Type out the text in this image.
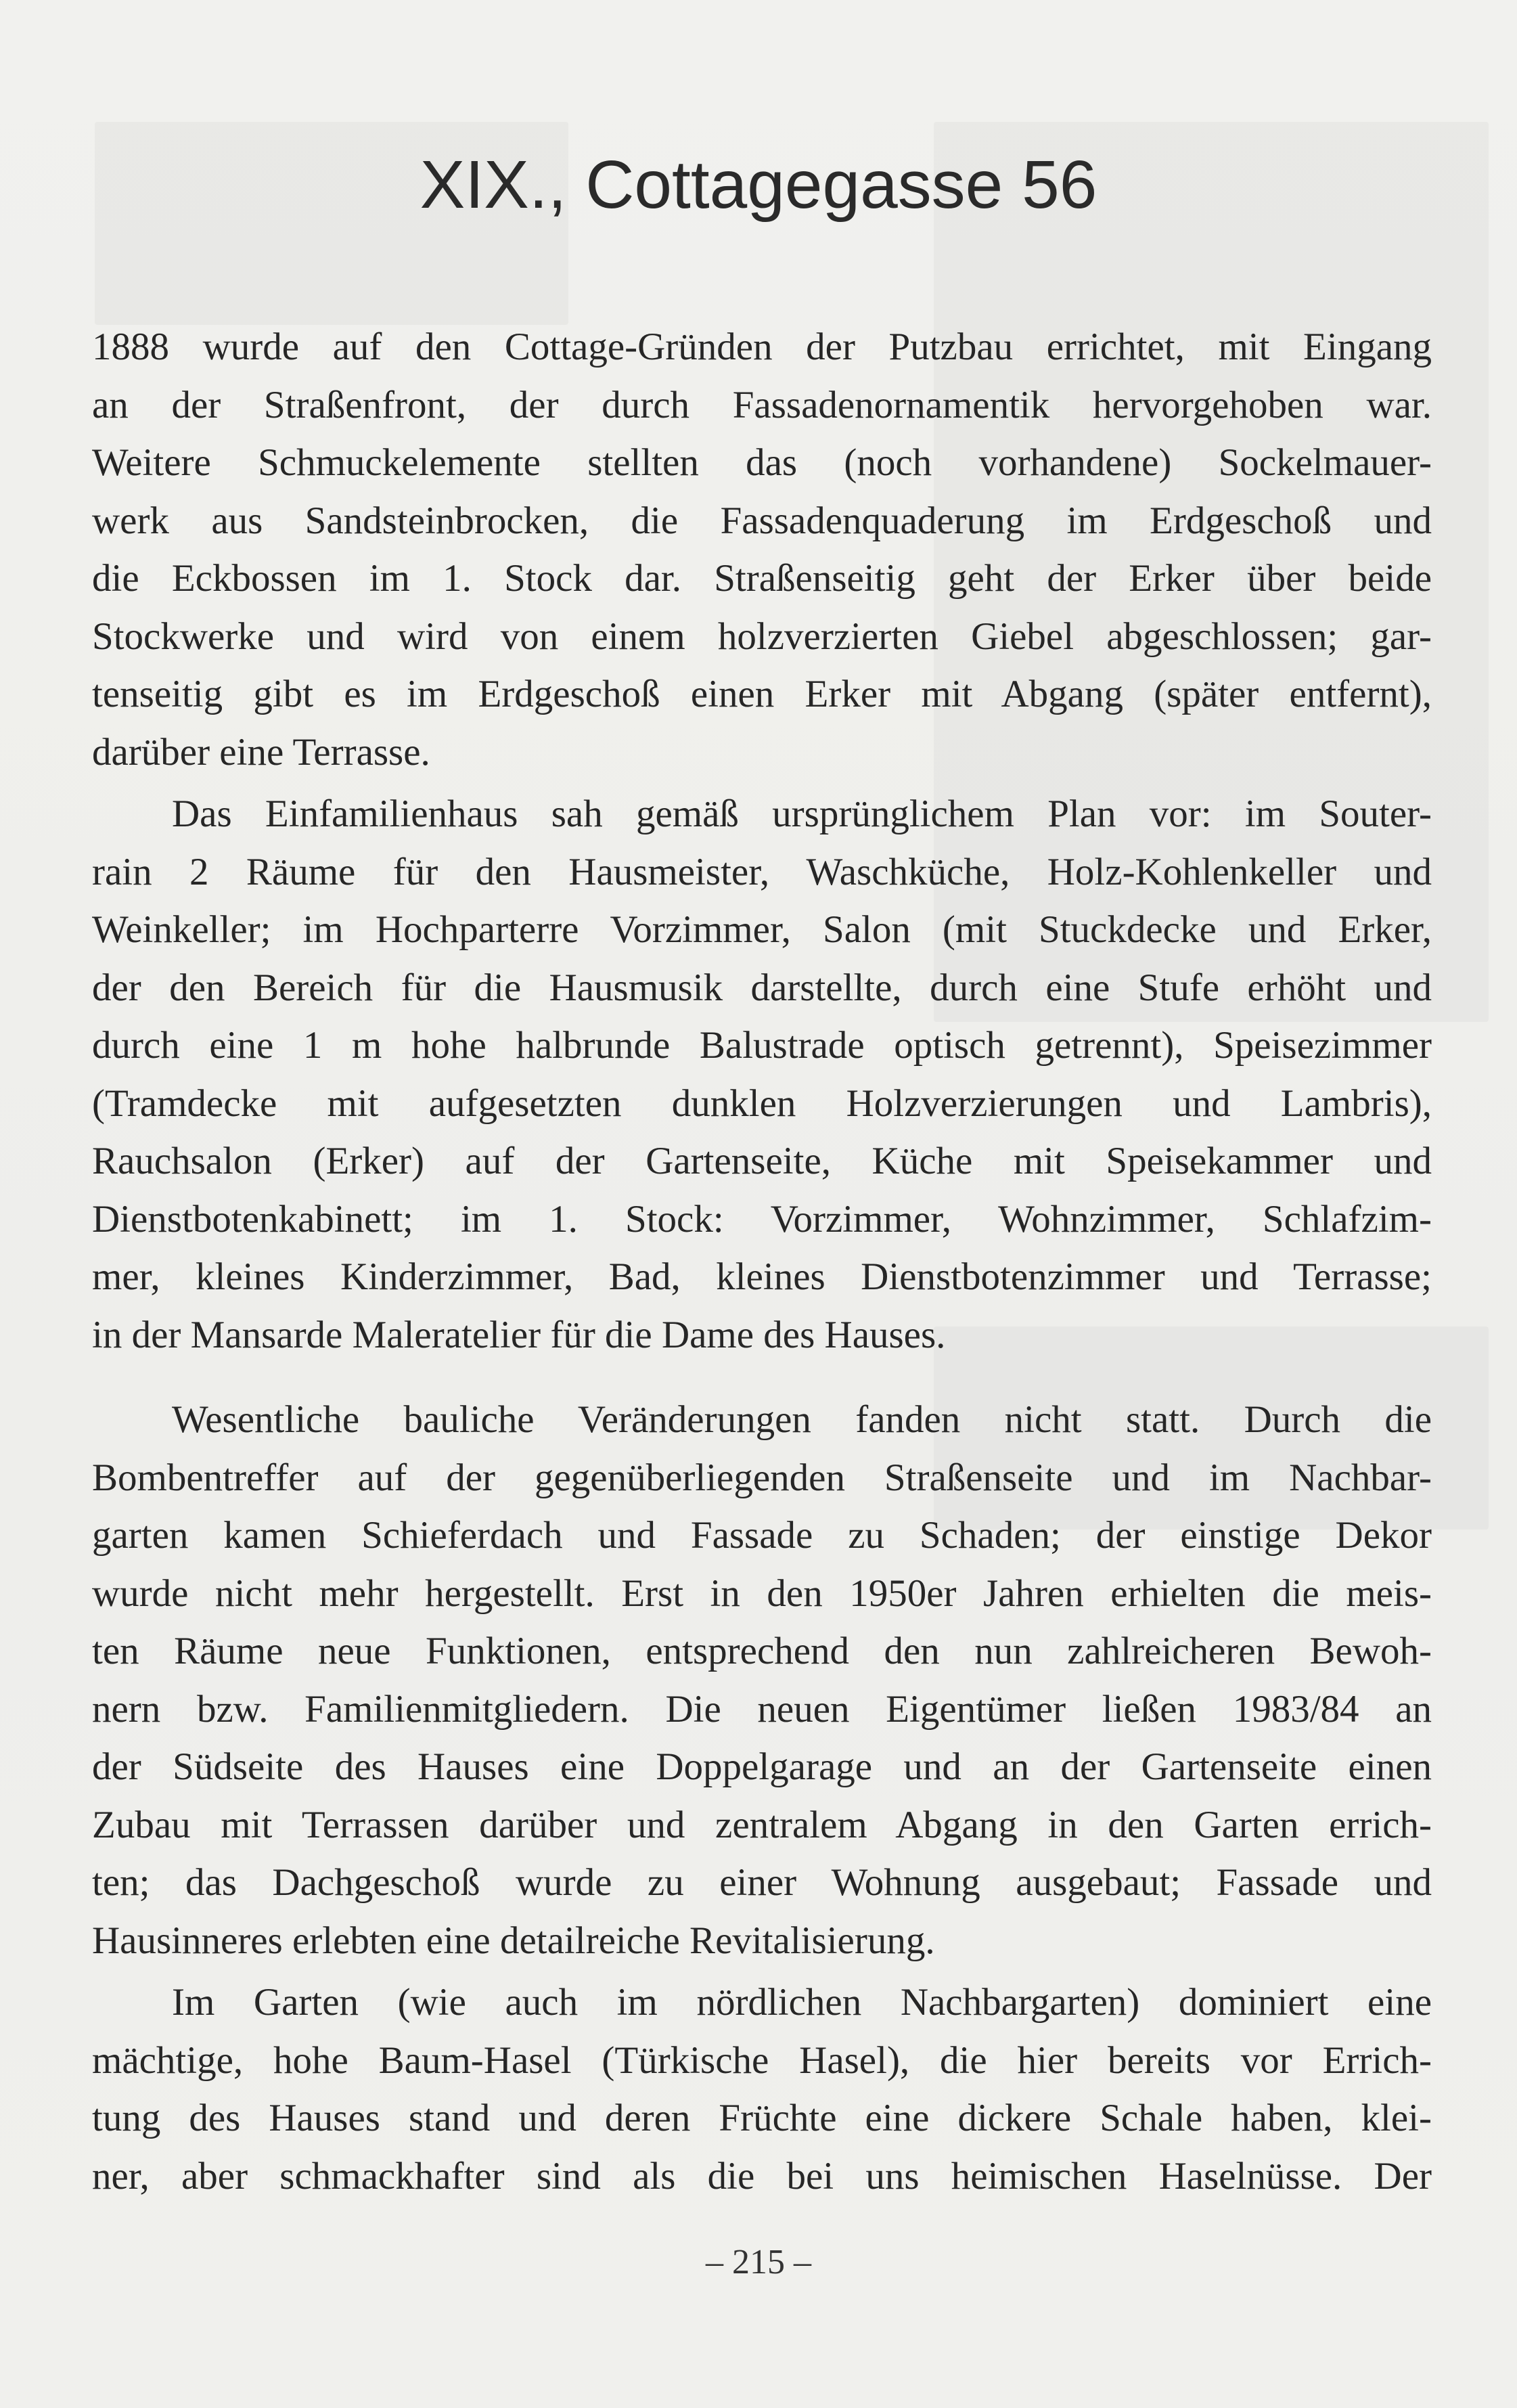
XIX., Cottagegasse 56
1888 wurde auf den Cottage-Gründen der Putzbau errichtet, mit Eingang
an der Straßenfront, der durch Fassadenornamentik hervorgehoben war.
Weitere Schmuckelemente stellten das (noch vorhandene) Sockelmauer-
werk aus Sandsteinbrocken, die Fassadenquaderung im Erdgeschoß und
die Eckbossen im 1. Stock dar. Straßenseitig geht der Erker über beide
Stockwerke und wird von einem holzverzierten Giebel abgeschlossen; gar-
tenseitig gibt es im Erdgeschoß einen Erker mit Abgang (später entfernt),
darüber eine Terrasse.
Das Einfamilienhaus sah gemäß ursprünglichem Plan vor: im Souter-
rain 2 Räume für den Hausmeister, Waschküche, Holz-Kohlenkeller und
Weinkeller; im Hochparterre Vorzimmer, Salon (mit Stuckdecke und Erker,
der den Bereich für die Hausmusik darstellte, durch eine Stufe erhöht und
durch eine 1 m hohe halbrunde Balustrade optisch getrennt), Speisezimmer
(Tramdecke mit aufgesetzten dunklen Holzverzierungen und Lambris),
Rauchsalon (Erker) auf der Gartenseite, Küche mit Speisekammer und
Dienstbotenkabinett; im 1. Stock: Vorzimmer, Wohnzimmer, Schlafzim-
mer, kleines Kinderzimmer, Bad, kleines Dienstbotenzimmer und Terrasse;
in der Mansarde Maleratelier für die Dame des Hauses.
Wesentliche bauliche Veränderungen fanden nicht statt. Durch die
Bombentreffer auf der gegenüberliegenden Straßenseite und im Nachbar-
garten kamen Schieferdach und Fassade zu Schaden; der einstige Dekor
wurde nicht mehr hergestellt. Erst in den 1950er Jahren erhielten die meis-
ten Räume neue Funktionen, entsprechend den nun zahlreicheren Bewoh-
nern bzw. Familienmitgliedern. Die neuen Eigentümer ließen 1983/84 an
der Südseite des Hauses eine Doppelgarage und an der Gartenseite einen
Zubau mit Terrassen darüber und zentralem Abgang in den Garten errich-
ten; das Dachgeschoß wurde zu einer Wohnung ausgebaut; Fassade und
Hausinneres erlebten eine detailreiche Revitalisierung.
Im Garten (wie auch im nördlichen Nachbargarten) dominiert eine
mächtige, hohe Baum-Hasel (Türkische Hasel), die hier bereits vor Errich-
tung des Hauses stand und deren Früchte eine dickere Schale haben, klei-
ner, aber schmackhafter sind als die bei uns heimischen Haselnüsse. Der
– 215 –
